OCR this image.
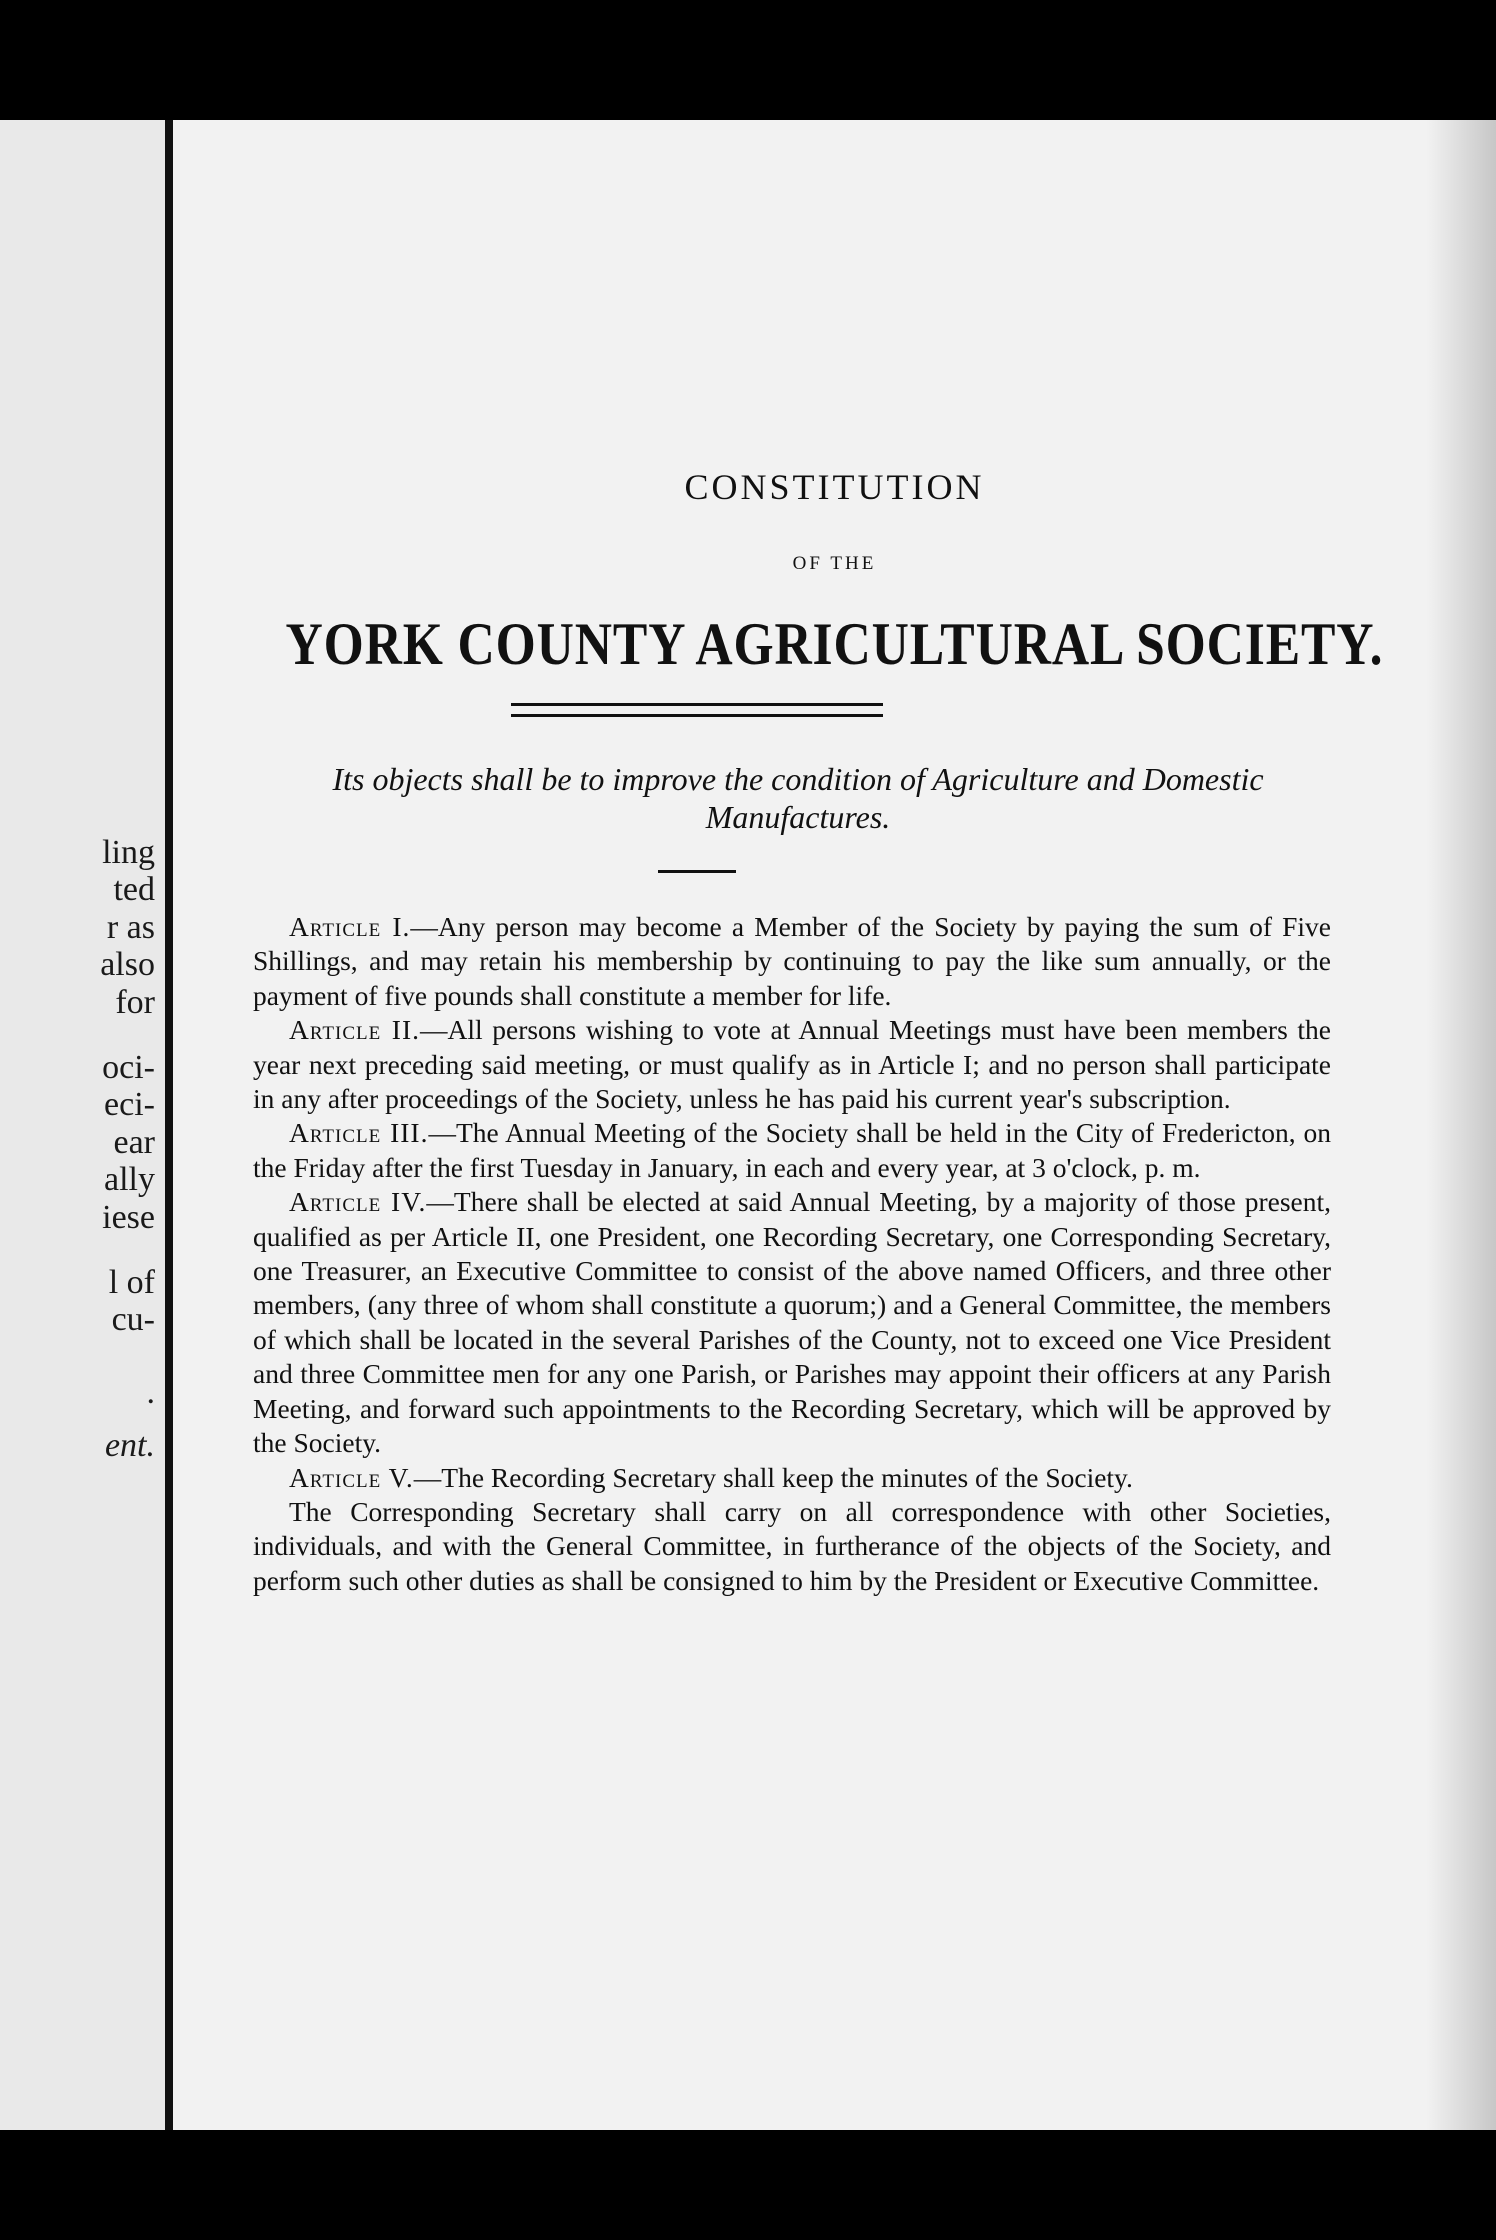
ling
ted
r as
also
for
oci-
eci-
ear
ally
iese
l of
cu-
.
ent.
CONSTITUTION
OF THE
YORK COUNTY AGRICULTURAL SOCIETY.
Its objects shall be to improve the condition of Agriculture and Domestic Manufactures.

Article I.—Any person may become a Member of the Society by paying the sum of Five Shillings, and may retain his membership by continuing to pay the like sum annually, or the payment of five pounds shall constitute a member for life.

Article II.—All persons wishing to vote at Annual Meetings must have been members the year next preceding said meeting, or must qualify as in Article I; and no person shall participate in any after proceedings of the Society, unless he has paid his current year's subscription.

Article III.—The Annual Meeting of the Society shall be held in the City of Fredericton, on the Friday after the first Tuesday in January, in each and every year, at 3 o'clock, p. m.

Article IV.—There shall be elected at said Annual Meeting, by a majority of those present, qualified as per Article II, one President, one Recording Secretary, one Corresponding Secretary, one Treasurer, an Executive Committee to consist of the above named Officers, and three other members, (any three of whom shall constitute a quorum;) and a General Committee, the members of which shall be located in the several Parishes of the County, not to exceed one Vice President and three Committee men for any one Parish, or Parishes may appoint their officers at any Parish Meeting, and forward such appointments to the Recording Secretary, which will be approved by the Society.

Article V.—The Recording Secretary shall keep the minutes of the Society.

The Corresponding Secretary shall carry on all correspondence with other Societies, individuals, and with the General Committee, in furtherance of the objects of the Society, and perform such other duties as shall be consigned to him by the President or Executive Committee.
